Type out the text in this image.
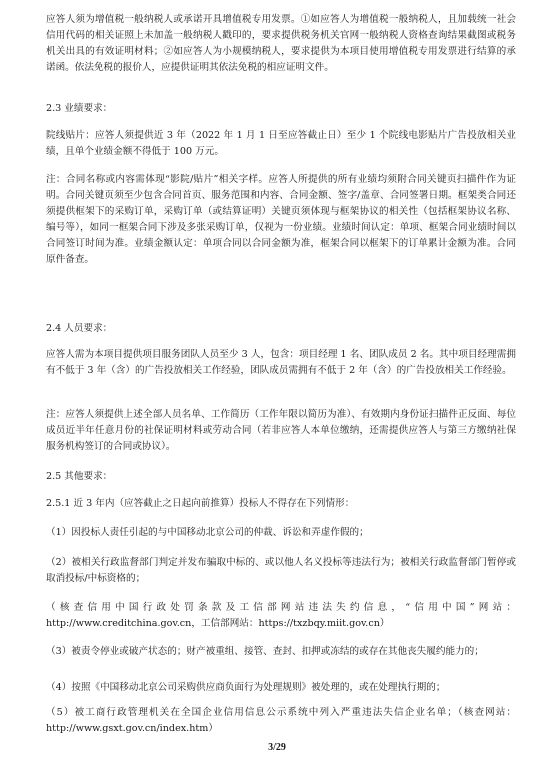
应答人须为增值税一般纳税人或承诺开具增值税专用发票。①如应答人为增值税一般纳税人，且加载统一社会信用代码的相关证照上未加盖一般纳税人戳印的，要求提供税务机关官网一般纳税人资格查询结果截图或税务机关出具的有效证明材料；②如应答人为小规模纳税人，要求提供为本项目使用增值税专用发票进行结算的承诺函。依法免税的报价人，应提供证明其依法免税的相应证明文件。

2.3 业绩要求：

院线贴片：应答人须提供近 3 年（2022 年 1 月 1 日至应答截止日）至少 1 个院线电影贴片广告投放相关业绩，且单个业绩金额不得低于 100 万元。

注：合同名称或内容需体现“影院/贴片”相关字样。应答人所提供的所有业绩均须附合同关键页扫描件作为证明。合同关键页须至少包含合同首页、服务范围和内容、合同金额、签字/盖章、合同签署日期。框架类合同还须提供框架下的采购订单，采购订单（或结算证明）关键页须体现与框架协议的相关性（包括框架协议名称、编号等），如同一框架合同下涉及多张采购订单，仅视为一份业绩。业绩时间认定：单项、框架合同业绩时间以合同签订时间为准。业绩金额认定：单项合同以合同金额为准，框架合同以框架下的订单累计金额为准。合同原件备查。

2.4 人员要求：

应答人需为本项目提供项目服务团队人员至少 3 人，包含：项目经理 1 名、团队成员 2 名。其中项目经理需拥有不低于 3 年（含）的广告投放相关工作经验，团队成员需拥有不低于 2 年（含）的广告投放相关工作经验。

注：应答人须提供上述全部人员名单、工作简历（工作年限以简历为准）、有效期内身份证扫描件正反面、每位成员近半年任意月份的社保证明材料或劳动合同（若非应答人本单位缴纳，还需提供应答人与第三方缴纳社保服务机构签订的合同或协议）。

2.5 其他要求：

2.5.1 近 3 年内（应答截止之日起向前推算）投标人不得存在下列情形：

（1）因投标人责任引起的与中国移动北京公司的仲裁、诉讼和弄虚作假的；

（2）被相关行政监督部门判定并发布骗取中标的、或以他人名义投标等违法行为；被相关行政监督部门暂停或取消投标/中标资格的；

（核查信用中国行政处罚条款及工信部网站违法失约信息，“信用中国”网站：http://www.creditchina.gov.cn，工信部网站：https://txzbqy.miit.gov.cn）

（3）被责令停业或破产状态的；财产被重组、接管、查封、扣押或冻结的或存在其他丧失履约能力的；

（4）按照《中国移动北京公司采购供应商负面行为处理规则》被处理的，或在处理执行期的；

（5）被工商行政管理机关在全国企业信用信息公示系统中列入严重违法失信企业名单；（核查网站：http://www.gsxt.gov.cn/index.htm）

3/29
